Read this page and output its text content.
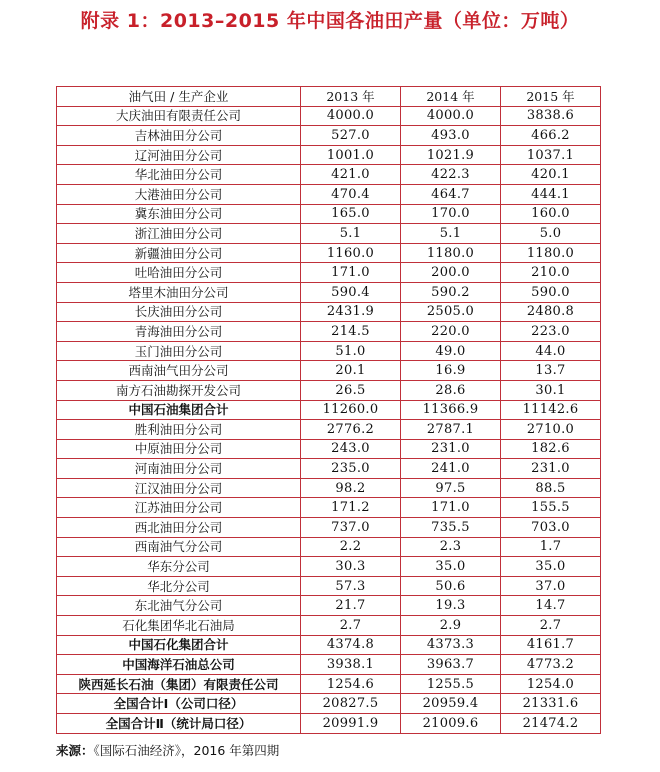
附录 1：2013–2015 年中国各油田产量（单位：万吨）
油气田 / 生产企业	2013 年	2014 年	2015 年
大庆油田有限责任公司	4000.0	4000.0	3838.6
吉林油田分公司	527.0	493.0	466.2
辽河油田分公司	1001.0	1021.9	1037.1
华北油田分公司	421.0	422.3	420.1
大港油田分公司	470.4	464.7	444.1
冀东油田分公司	165.0	170.0	160.0
浙江油田分公司	5.1	5.1	5.0
新疆油田分公司	1160.0	1180.0	1180.0
吐哈油田分公司	171.0	200.0	210.0
塔里木油田分公司	590.4	590.2	590.0
长庆油田分公司	2431.9	2505.0	2480.8
青海油田分公司	214.5	220.0	223.0
玉门油田分公司	51.0	49.0	44.0
西南油气田分公司	20.1	16.9	13.7
南方石油勘探开发公司	26.5	28.6	30.1
中国石油集团合计	11260.0	11366.9	11142.6
胜利油田分公司	2776.2	2787.1	2710.0
中原油田分公司	243.0	231.0	182.6
河南油田分公司	235.0	241.0	231.0
江汉油田分公司	98.2	97.5	88.5
江苏油田分公司	171.2	171.0	155.5
西北油田分公司	737.0	735.5	703.0
西南油气分公司	2.2	2.3	1.7
华东分公司	30.3	35.0	35.0
华北分公司	57.3	50.6	37.0
东北油气分公司	21.7	19.3	14.7
石化集团华北石油局	2.7	2.9	2.7
中国石化集团合计	4374.8	4373.3	4161.7
中国海洋石油总公司	3938.1	3963.7	4773.2
陕西延长石油（集团）有限责任公司	1254.6	1255.5	1254.0
全国合计Ⅰ（公司口径）	20827.5	20959.4	21331.6
全国合计Ⅱ（统计局口径）	20991.9	21009.6	21474.2
来源：《国际石油经济》，2016 年第四期
